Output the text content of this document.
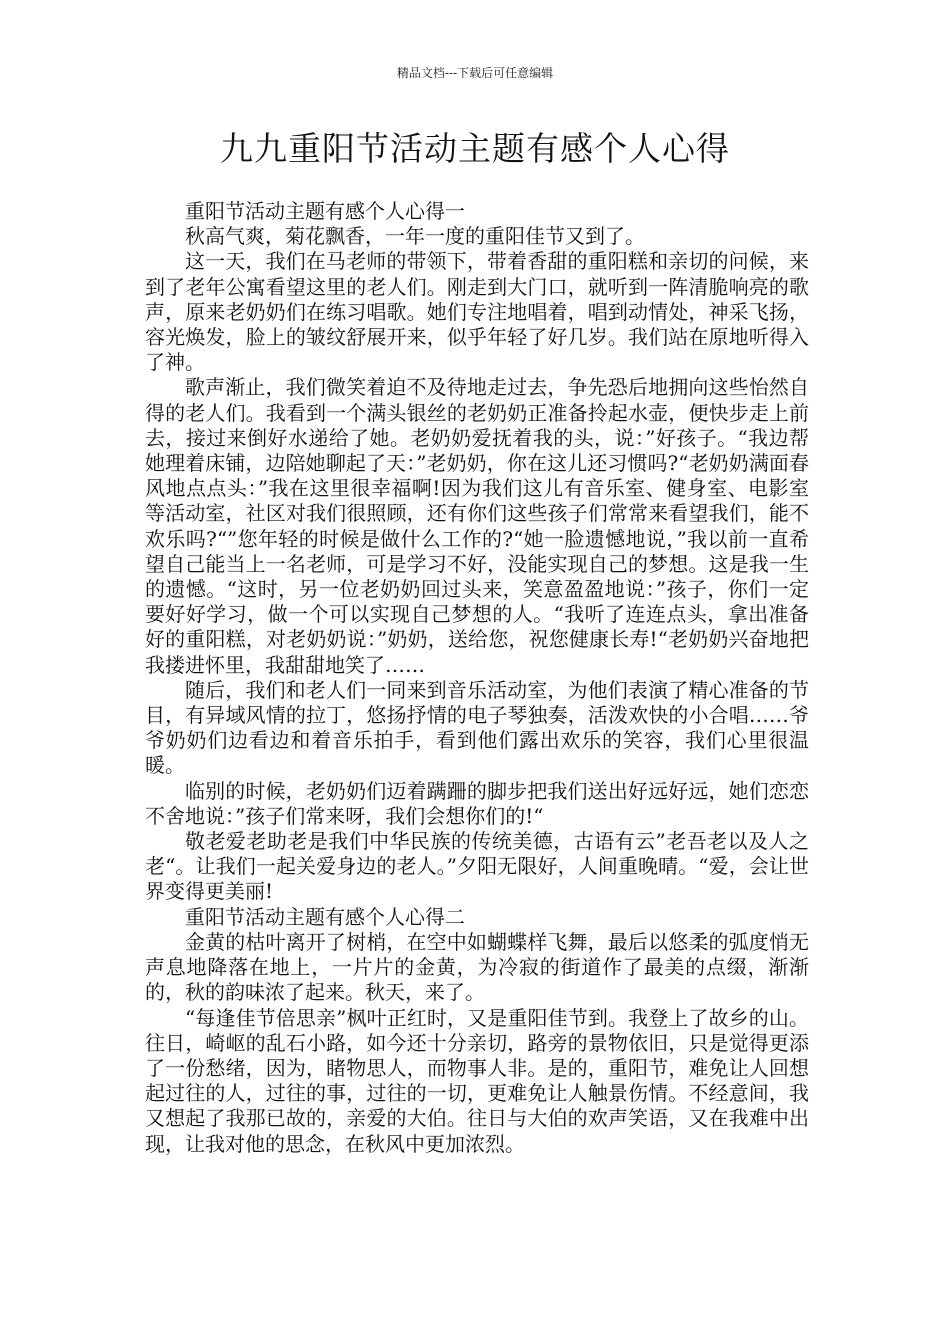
精品文档---下载后可任意编辑
九九重阳节活动主题有感个人心得

重阳节活动主题有感个人心得一

秋高气爽，菊花飘香，一年一度的重阳佳节又到了。

这一天，我们在马老师的带领下，带着香甜的重阳糕和亲切的问候，来到了老年公寓看望这里的老人们。刚走到大门口，就听到一阵清脆响亮的歌声，原来老奶奶们在练习唱歌。她们专注地唱着，唱到动情处，神采飞扬，容光焕发，脸上的皱纹舒展开来，似乎年轻了好几岁。我们站在原地听得入了神。

歌声渐止，我们微笑着迫不及待地走过去，争先恐后地拥向这些怡然自得的老人们。我看到一个满头银丝的老奶奶正准备拎起水壶，便快步走上前去，接过来倒好水递给了她。老奶奶爱抚着我的头，说：”好孩子。“我边帮她理着床铺，边陪她聊起了天：”老奶奶，你在这儿还习惯吗?“老奶奶满面春风地点点头：”我在这里很幸福啊!因为我们这儿有音乐室、健身室、电影室等活动室，社区对我们很照顾，还有你们这些孩子们常常来看望我们，能不欢乐吗?“”您年轻的时候是做什么工作的?“她一脸遗憾地说，”我以前一直希望自己能当上一名老师，可是学习不好，没能实现自己的梦想。这是我一生的遗憾。“这时，另一位老奶奶回过头来，笑意盈盈地说：”孩子，你们一定要好好学习，做一个可以实现自己梦想的人。“我听了连连点头，拿出准备好的重阳糕，对老奶奶说：”奶奶，送给您，祝您健康长寿!“老奶奶兴奋地把我搂进怀里，我甜甜地笑了……

随后，我们和老人们一同来到音乐活动室，为他们表演了精心准备的节目，有异域风情的拉丁，悠扬抒情的电子琴独奏，活泼欢快的小合唱……爷爷奶奶们边看边和着音乐拍手，看到他们露出欢乐的笑容，我们心里很温暖。

临别的时候，老奶奶们迈着蹒跚的脚步把我们送出好远好远，她们恋恋不舍地说：”孩子们常来呀，我们会想你们的!“

敬老爱老助老是我们中华民族的传统美德，古语有云”老吾老以及人之老“。让我们一起关爱身边的老人。”夕阳无限好，人间重晚晴。“爱，会让世界变得更美丽!

重阳节活动主题有感个人心得二

金黄的枯叶离开了树梢，在空中如蝴蝶样飞舞，最后以悠柔的弧度悄无声息地降落在地上，一片片的金黄，为冷寂的街道作了最美的点缀，渐渐的，秋的韵味浓了起来。秋天，来了。

“每逢佳节倍思亲”枫叶正红时，又是重阳佳节到。我登上了故乡的山。往日，崎岖的乱石小路，如今还十分亲切，路旁的景物依旧，只是觉得更添了一份愁绪，因为，睹物思人，而物事人非。是的，重阳节，难免让人回想起过往的人，过往的事，过往的一切，更难免让人触景伤情。不经意间，我又想起了我那已故的，亲爱的大伯。往日与大伯的欢声笑语，又在我难中出现，让我对他的思念，在秋风中更加浓烈。
